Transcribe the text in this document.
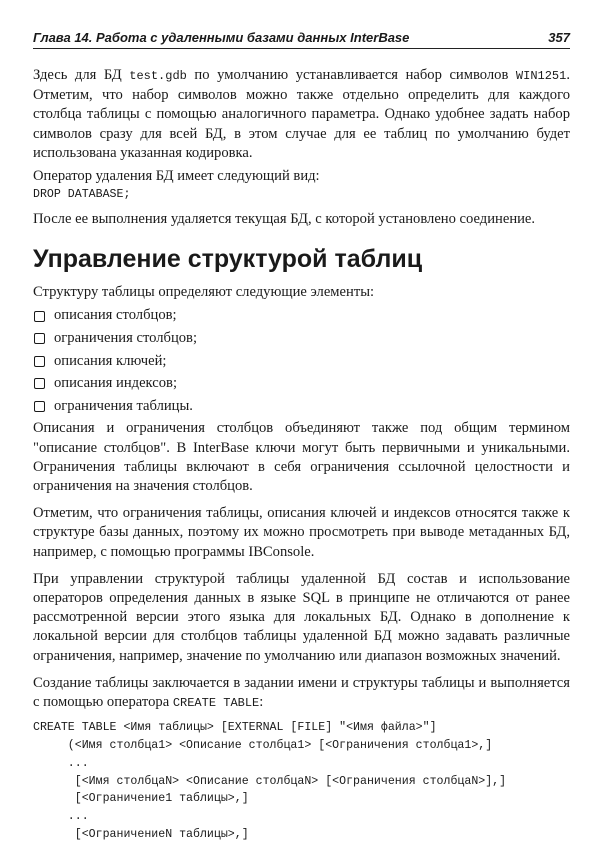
Глава 14. Работа с удаленными базами данных InterBase	357

Здесь для БД test.gdb по умолчанию устанавливается набор символов WIN1251. Отметим, что набор символов можно также отдельно определить для каждого столбца таблицы с помощью аналогичного параметра. Однако удобнее задать набор символов сразу для всей БД, в этом случае для ее таблиц по умолчанию будет использована указанная кодировка.

Оператор удаления БД имеет следующий вид:

DROP DATABASE;

После ее выполнения удаляется текущая БД, с которой установлено соединение.

Управление структурой таблиц

Структуру таблицы определяют следующие элементы:

описания столбцов;
ограничения столбцов;
описания ключей;
описания индексов;
ограничения таблицы.

Описания и ограничения столбцов объединяют также под общим термином "описание столбцов". В InterBase ключи могут быть первичными и уникальными. Ограничения таблицы включают в себя ограничения ссылочной целостности и ограничения на значения столбцов.

Отметим, что ограничения таблицы, описания ключей и индексов относятся также к структуре базы данных, поэтому их можно просмотреть при выводе метаданных БД, например, с помощью программы IBConsole.

При управлении структурой таблицы удаленной БД состав и использование операторов определения данных в языке SQL в принципе не отличаются от ранее рассмотренной версии этого языка для локальных БД. Однако в дополнение к локальной версии для столбцов таблицы удаленной БД можно задавать различные ограничения, например, значение по умолчанию или диапазон возможных значений.

Создание таблицы заключается в задании имени и структуры таблицы и выполняется с помощью оператора CREATE TABLE:

CREATE TABLE <Имя таблицы> [EXTERNAL [FILE] "<Имя файла>"]
(<Имя столбца1> <Описание столбца1> [<Ограничения столбца1>,]
...
[<Имя столбцаN> <Описание столбцаN> [<Ограничения столбцаN>],]
[<Ограничение1 таблицы>,]
...
[<ОграничениеN таблицы>,]
